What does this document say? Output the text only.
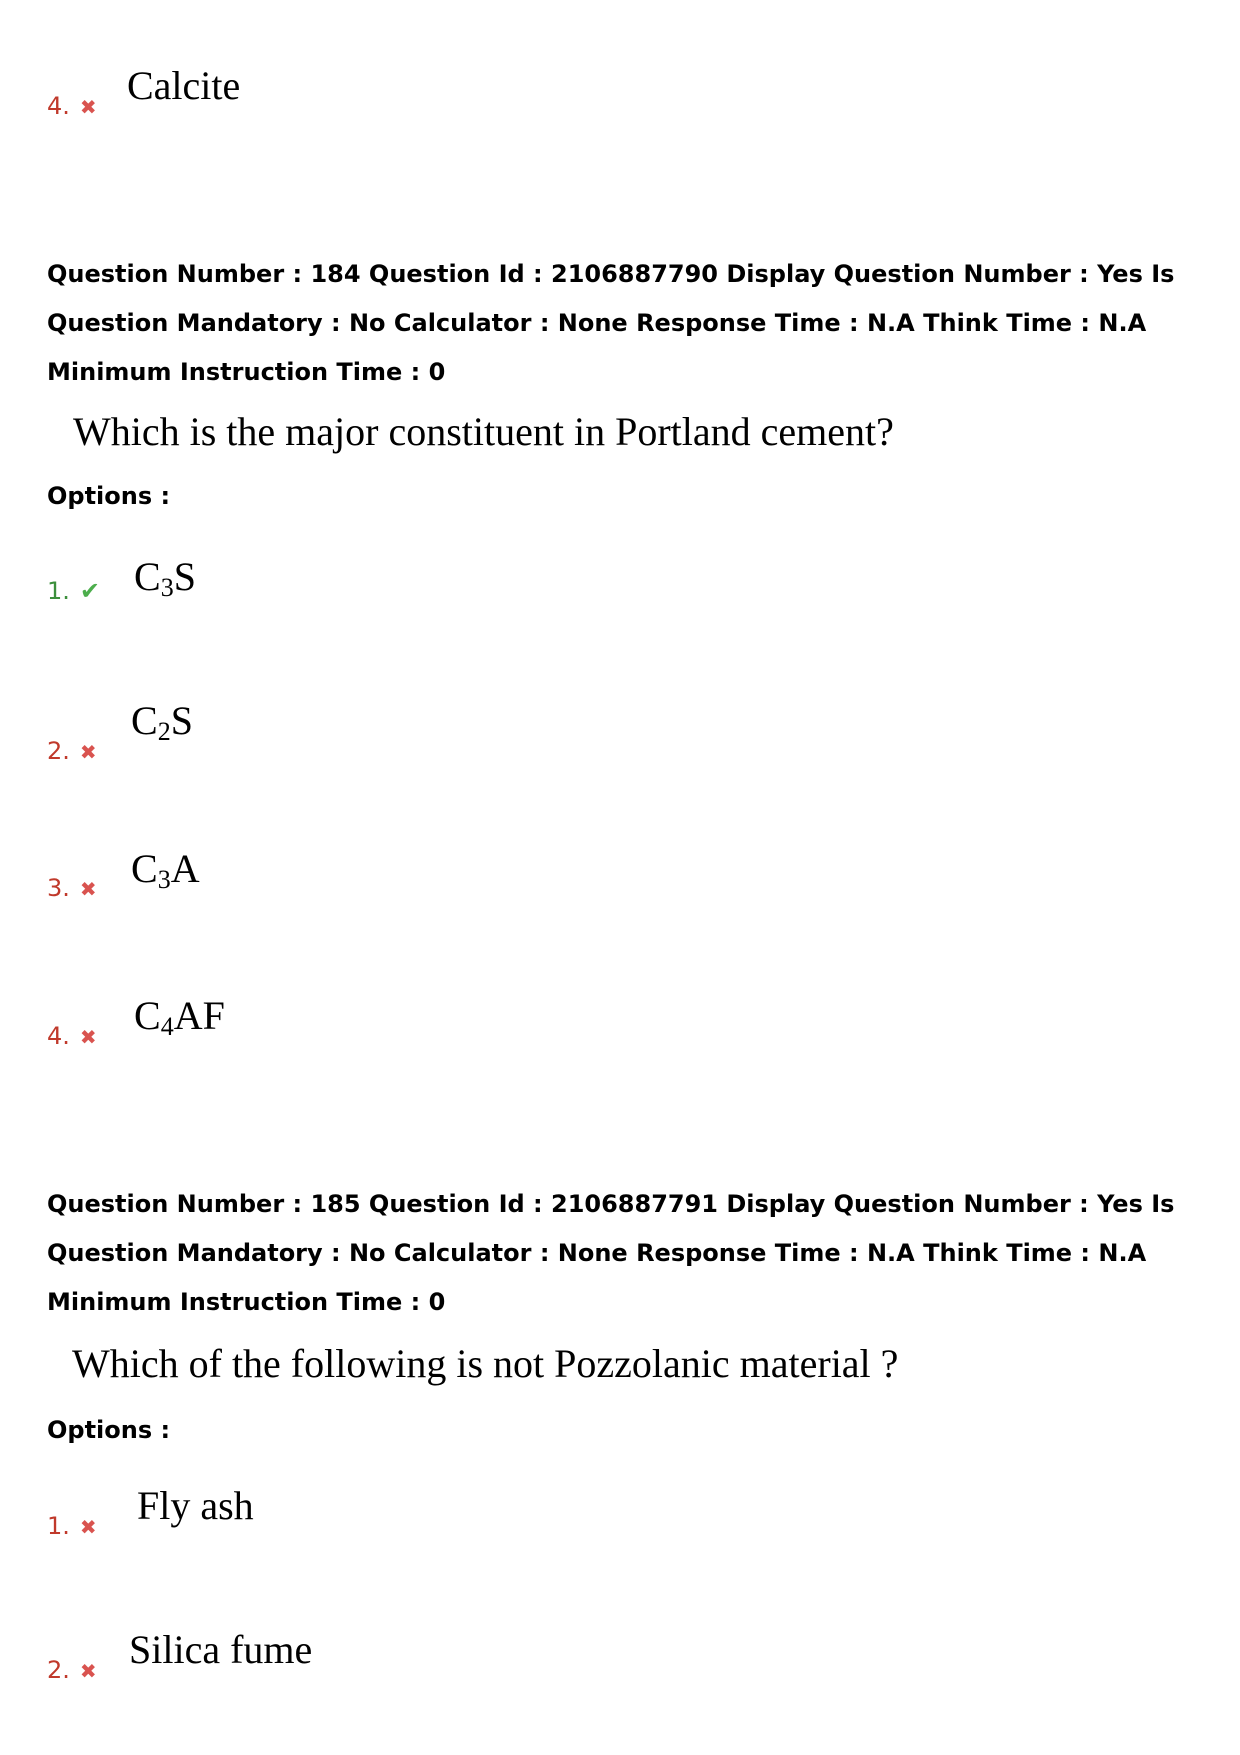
4. ✖ Calcite
Question Number : 184 Question Id : 2106887790 Display Question Number : Yes Is Question Mandatory : No Calculator : None Response Time : N.A Think Time : N.A Minimum Instruction Time : 0
Which is the major constituent in Portland cement?
Options :
1. ✔ $C_3S$
2. ✖
$C_2S$
3. ✖ $C_3A$
4. ✖ $C_4AF$
Question Number : 185 Question Id : 2106887791 Display Question Number : Yes Is Question Mandatory : No Calculator : None Response Time : N.A Think Time : N.A Minimum Instruction Time : 0
Which of the following is not Pozzolanic material ?
Options :
1. ✖ Fly ash
2. ✖ Silica fume
